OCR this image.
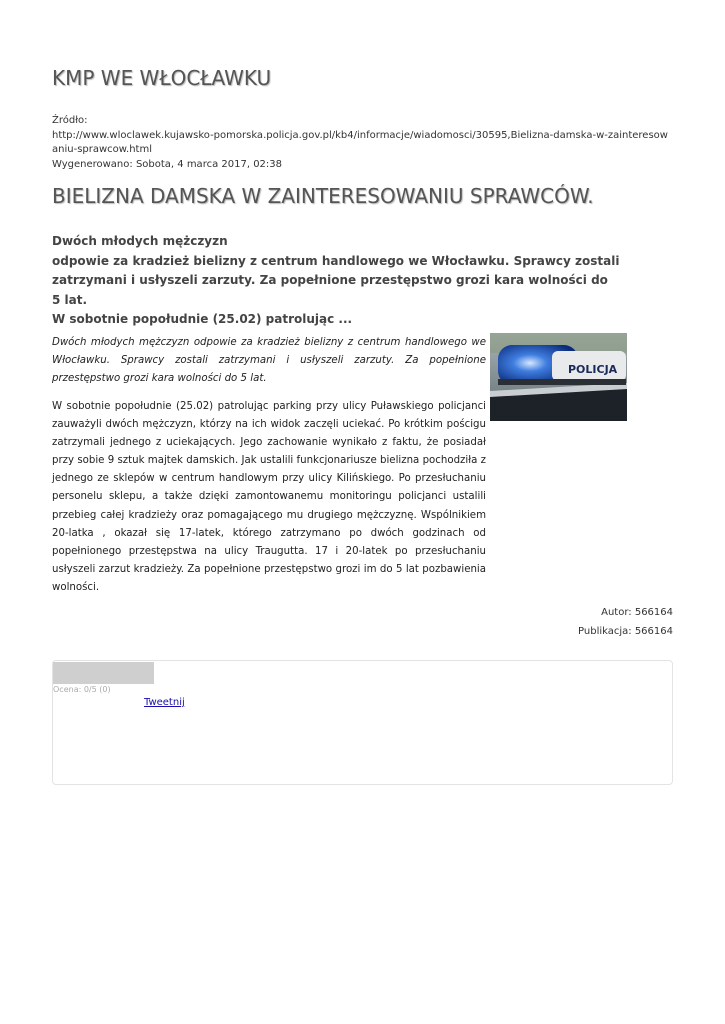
KMP WE WŁOCŁAWKU
Źródło:
http://www.wloclawek.kujawsko-pomorska.policja.gov.pl/kb4/informacje/wiadomosci/30595,Bielizna-damska-w-zainteresowaniu-sprawcow.html
Wygenerowano: Sobota, 4 marca 2017, 02:38
BIELIZNA DAMSKA W ZAINTERESOWANIU SPRAWCÓW.
Dwóch młodych mężczyzn
odpowie za kradzież bielizny z centrum handlowego we Włocławku. Sprawcy zostali
zatrzymani i usłyszeli zarzuty. Za popełnione przestępstwo grozi kara wolności do
5 lat.
W sobotnie popołudnie (25.02) patrolując ...
Dwóch młodych mężczyzn odpowie za kradzież bielizny z centrum handlowego we Włocławku. Sprawcy zostali zatrzymani i usłyszeli zarzuty. Za popełnione przestępstwo grozi kara wolności do 5 lat.
POLICJA
W sobotnie popołudnie (25.02) patrolując parking przy ulicy Puławskiego policjanci zauważyli dwóch mężczyzn, którzy na ich widok zaczęli uciekać. Po krótkim pościgu zatrzymali jednego z uciekających. Jego zachowanie wynikało z faktu, że posiadał przy sobie 9 sztuk majtek damskich. Jak ustalili funkcjonariusze bielizna pochodziła z jednego ze sklepów w centrum handlowym przy ulicy Kilińskiego. Po przesłuchaniu personelu sklepu, a także dzięki zamontowanemu monitoringu policjanci ustalili przebieg całej kradzieży oraz pomagającego mu drugiego mężczyznę. Wspólnikiem 20-latka , okazał się 17-latek, którego zatrzymano po dwóch godzinach od popełnionego przestępstwa na ulicy Traugutta. 17 i 20-latek po przesłuchaniu usłyszeli zarzut kradzieży. Za popełnione przestępstwo grozi im do 5 lat pozbawienia wolności.
Autor: 566164
Publikacja: 566164
Ocena: 0/5 (0)
Tweetnij
